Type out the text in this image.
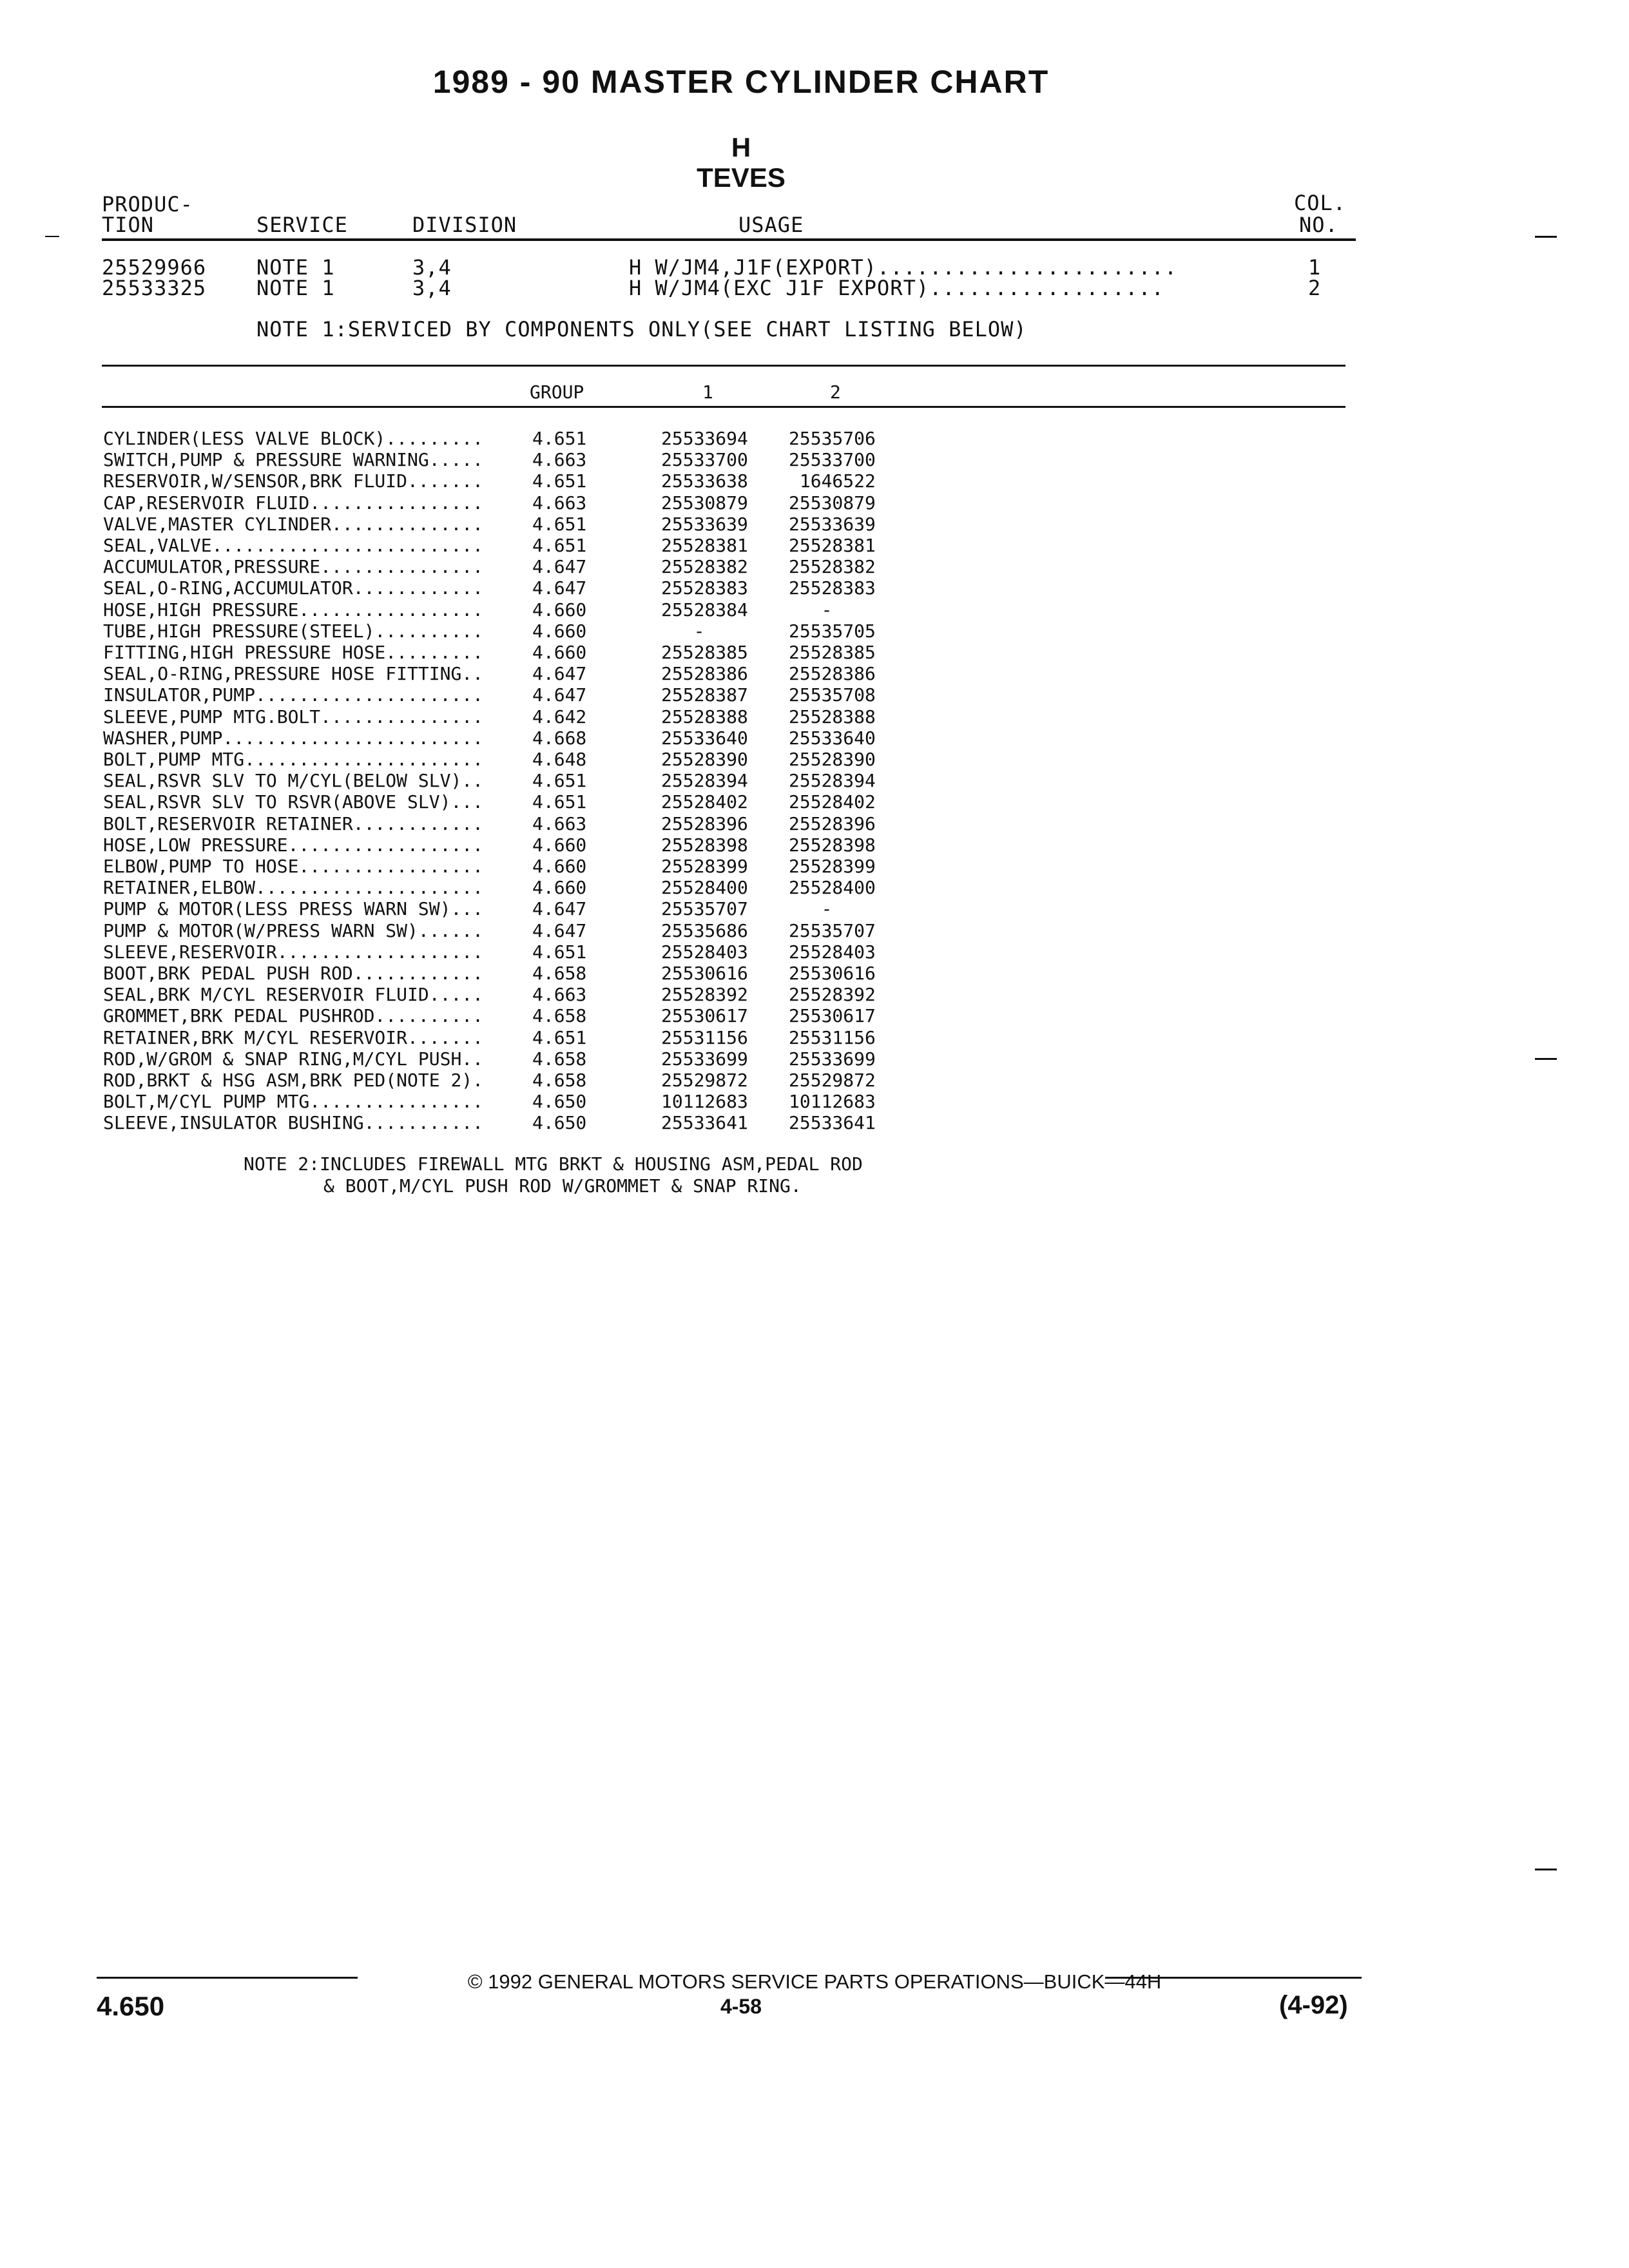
1989 - 90 MASTER CYLINDER CHART
H
TEVES
PRODUC-
TION	SERVICE	DIVISION	USAGE
COL.
NO.
25529966 NOTE 1	3,4	H W/JM4,J1F(EXPORT).......................	1
25533325 NOTE 1	3,4	H W/JM4(EXC J1F EXPORT)..................	2
NOTE 1:SERVICED BY COMPONENTS ONLY(SEE CHART LISTING BELOW)
GROUP	1	2
CYLINDER(LESS VALVE BLOCK).........	4.651	25533694 25535706
SWITCH,PUMP & PRESSURE WARNING.....	4.663	25533700 25533700
RESERVOIR,W/SENSOR,BRK FLUID.......	4.651	25533638 1646522
CAP,RESERVOIR FLUID................	4.663	25530879 25530879
VALVE,MASTER CYLINDER..............	4.651	25533639 25533639
SEAL,VALVE.........................	4.651	25528381 25528381
ACCUMULATOR,PRESSURE...............	4.647	25528382 25528382
SEAL,O-RING,ACCUMULATOR............	4.647	25528383 25528383
HOSE,HIGH PRESSURE.................	4.660	25528384 -
TUBE,HIGH PRESSURE(STEEL)..........	4.660	-	25535705
FITTING,HIGH PRESSURE HOSE.........	4.660	25528385 25528385
SEAL,O-RING,PRESSURE HOSE FITTING..	4.647	25528386 25528386
INSULATOR,PUMP.....................	4.647	25528387 25535708
SLEEVE,PUMP MTG.BOLT...............	4.642	25528388 25528388
WASHER,PUMP........................	4.668	25533640 25533640
BOLT,PUMP MTG......................	4.648	25528390 25528390
SEAL,RSVR SLV TO M/CYL(BELOW SLV)..	4.651	25528394 25528394
SEAL,RSVR SLV TO RSVR(ABOVE SLV)...	4.651	25528402 25528402
BOLT,RESERVOIR RETAINER............	4.663	25528396 25528396
HOSE,LOW PRESSURE..................	4.660	25528398 25528398
ELBOW,PUMP TO HOSE.................	4.660	25528399 25528399
RETAINER,ELBOW.....................	4.660	25528400 25528400
PUMP & MOTOR(LESS PRESS WARN SW)...	4.647	25535707 -
PUMP & MOTOR(W/PRESS WARN SW)......	4.647	25535686 25535707
SLEEVE,RESERVOIR...................	4.651	25528403 25528403
BOOT,BRK PEDAL PUSH ROD............	4.658	25530616 25530616
SEAL,BRK M/CYL RESERVOIR FLUID.....	4.663	25528392 25528392
GROMMET,BRK PEDAL PUSHROD..........	4.658	25530617 25530617
RETAINER,BRK M/CYL RESERVOIR.......	4.651	25531156 25531156
ROD,W/GROM & SNAP RING,M/CYL PUSH..	4.658	25533699 25533699
ROD,BRKT & HSG ASM,BRK PED(NOTE 2).	4.658	25529872 25529872
BOLT,M/CYL PUMP MTG................	4.650	10112683 10112683
SLEEVE,INSULATOR BUSHING...........	4.650	25533641 25533641
NOTE 2:INCLUDES FIREWALL MTG BRKT & HOUSING ASM,PEDAL ROD
& BOOT,M/CYL PUSH ROD W/GROMMET & SNAP RING.
© 1992 GENERAL MOTORS SERVICE PARTS OPERATIONS—BUICK—44H
4.650	4-58	(4-92)
